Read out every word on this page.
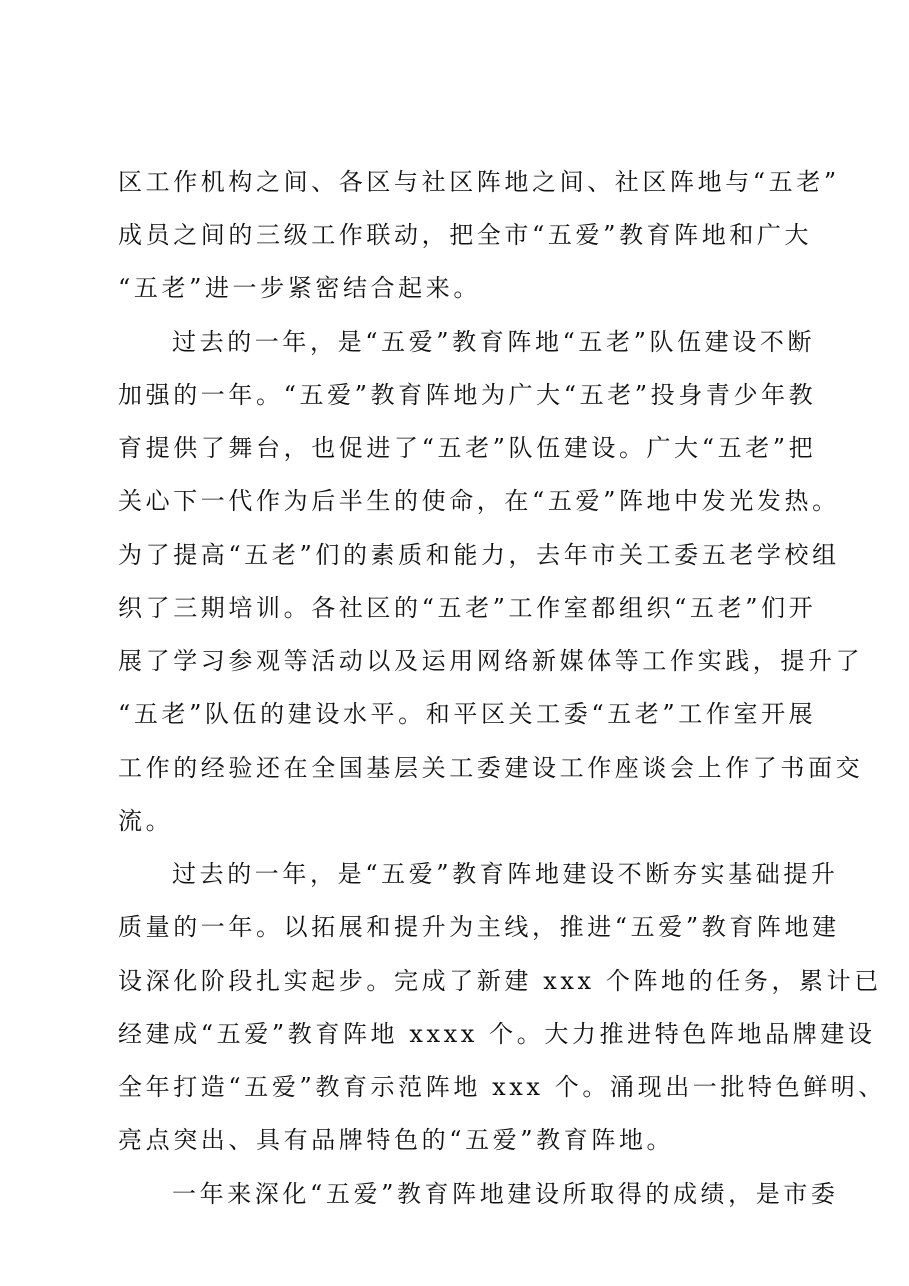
区工作机构之间、各区与社区阵地之间、社区阵地与“五老”
成员之间的三级工作联动，把全市“五爱”教育阵地和广大
“五老”进一步紧密结合起来。
过去的一年，是“五爱”教育阵地“五老”队伍建设不断
加强的一年。“五爱”教育阵地为广大“五老”投身青少年教
育提供了舞台，也促进了“五老”队伍建设。广大“五老”把
关心下一代作为后半生的使命，在“五爱”阵地中发光发热。
为了提高“五老”们的素质和能力，去年市关工委五老学校组
织了三期培训。各社区的“五老”工作室都组织“五老”们开
展了学习参观等活动以及运用网络新媒体等工作实践，提升了
“五老”队伍的建设水平。和平区关工委“五老”工作室开展
工作的经验还在全国基层关工委建设工作座谈会上作了书面交
流。
过去的一年，是“五爱”教育阵地建设不断夯实基础提升
质量的一年。以拓展和提升为主线，推进“五爱”教育阵地建
设深化阶段扎实起步。完成了新建 xxx 个阵地的任务，累计已
经建成“五爱”教育阵地 xxxx 个。大力推进特色阵地品牌建设
全年打造“五爱”教育示范阵地 xxx 个。涌现出一批特色鲜明、
亮点突出、具有品牌特色的“五爱”教育阵地。
一年来深化“五爱”教育阵地建设所取得的成绩，是市委
